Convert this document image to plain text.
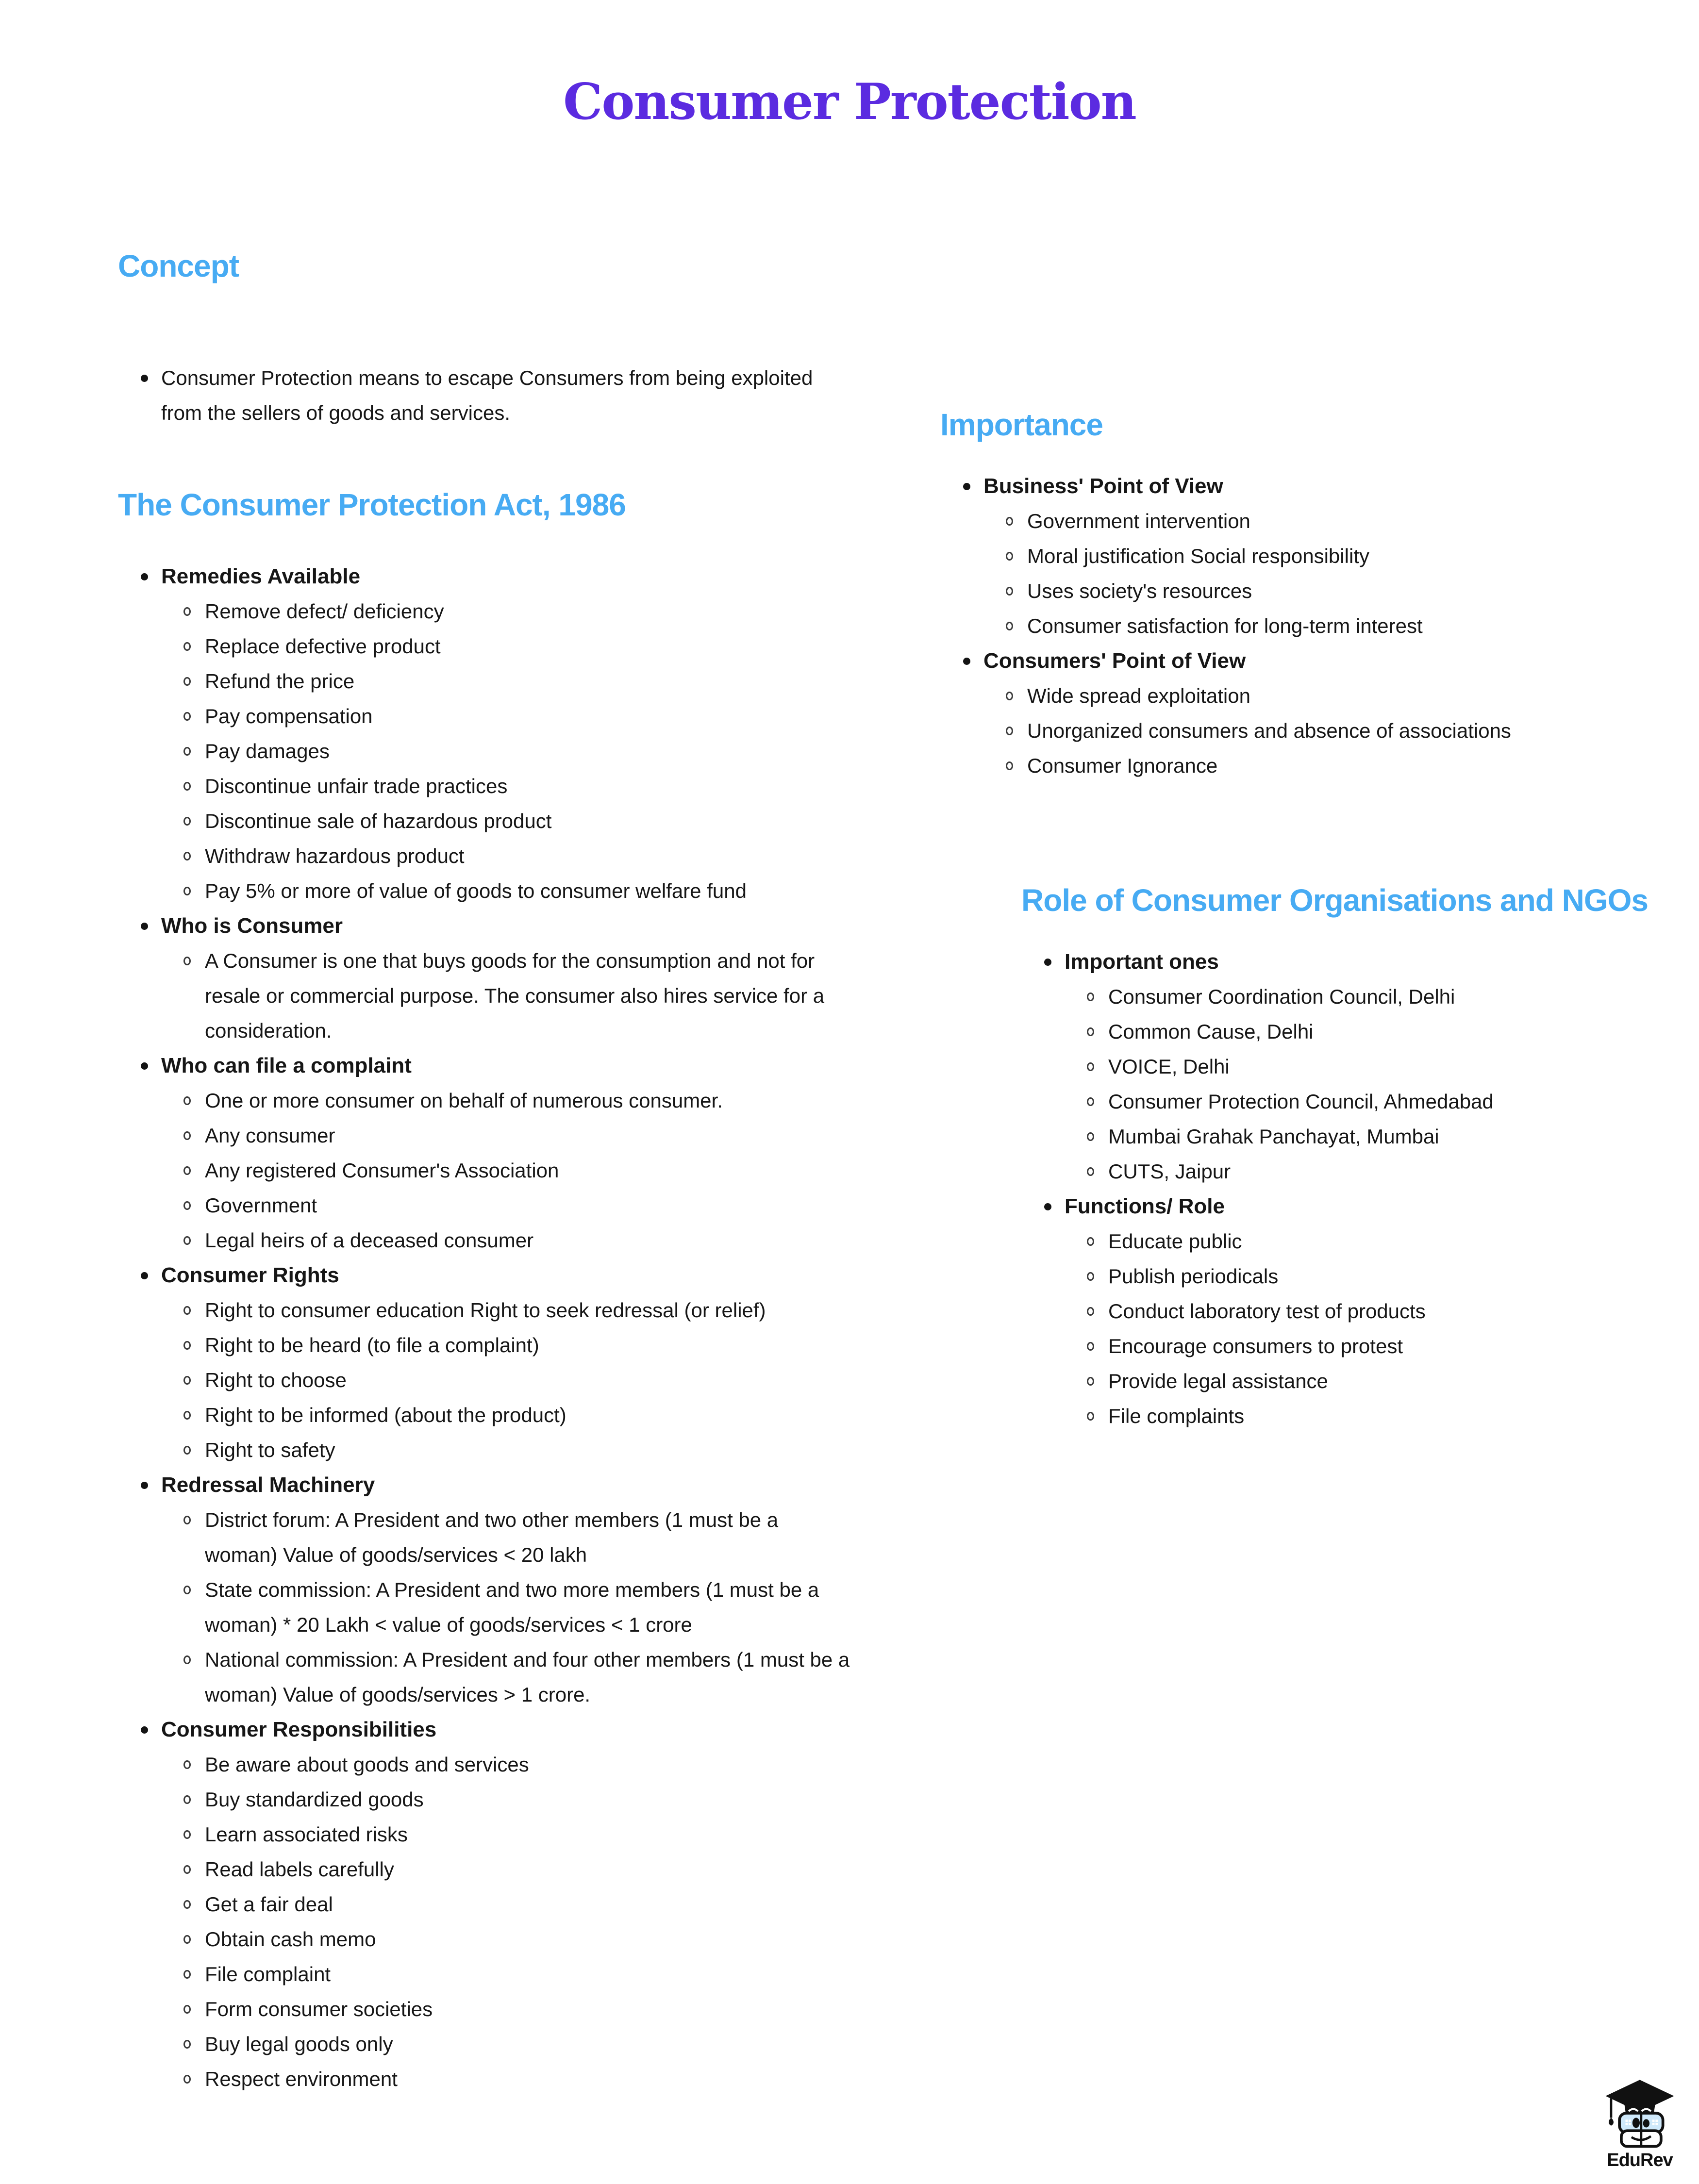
Consumer Protection
Concept
Consumer Protection means to escape Consumers from being exploited from the sellers of goods and services.
The Consumer Protection Act, 1986
Remedies Available
Remove defect/ deficiency
Replace defective product
Refund the price
Pay compensation
Pay damages
Discontinue unfair trade practices
Discontinue sale of hazardous product
Withdraw hazardous product
Pay 5% or more of value of goods to consumer welfare fund
Who is Consumer
A Consumer is one that buys goods for the consumption and not for resale or commercial purpose. The consumer also hires service for a consideration.
Who can file a complaint
One or more consumer on behalf of numerous consumer.
Any consumer
Any registered Consumer's Association
Government
Legal heirs of a deceased consumer
Consumer Rights
Right to consumer education Right to seek redressal (or relief)
Right to be heard (to file a complaint)
Right to choose
Right to be informed (about the product)
Right to safety
Redressal Machinery
District forum: A President and two other members (1 must be a woman) Value of goods/services < 20 lakh
State commission: A President and two more members (1 must be a woman) * 20 Lakh < value of goods/services < 1 crore
National commission: A President and four other members (1 must be a woman) Value of goods/services > 1 crore.
Consumer Responsibilities
Be aware about goods and services
Buy standardized goods
Learn associated risks
Read labels carefully
Get a fair deal
Obtain cash memo
File complaint
Form consumer societies
Buy legal goods only
Respect environment
Importance
Business' Point of View
Government intervention
Moral justification Social responsibility
Uses society's resources
Consumer satisfaction for long-term interest
Consumers' Point of View
Wide spread exploitation
Unorganized consumers and absence of associations
Consumer Ignorance
Role of Consumer Organisations and NGOs
Important ones
Consumer Coordination Council, Delhi
Common Cause, Delhi
VOICE, Delhi
Consumer Protection Council, Ahmedabad
Mumbai Grahak Panchayat, Mumbai
CUTS, Jaipur
Functions/ Role
Educate public
Publish periodicals
Conduct laboratory test of products
Encourage consumers to protest
Provide legal assistance
File complaints
EduRev
